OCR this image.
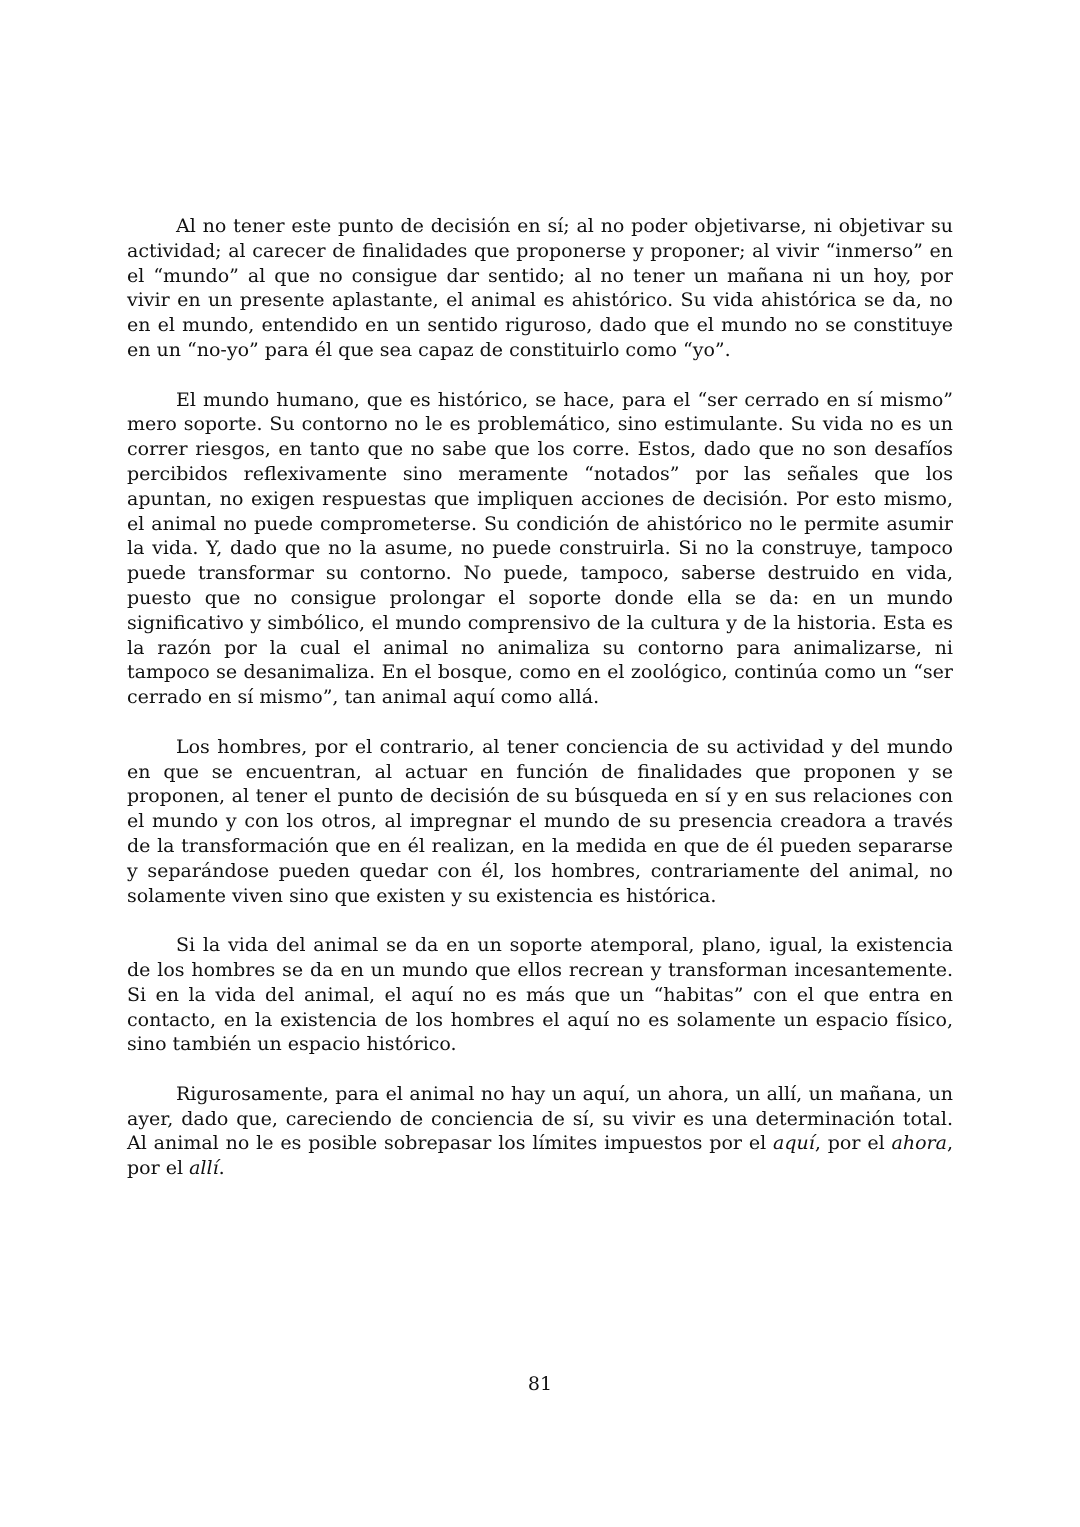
Al no tener este punto de decisión en sí; al no poder objetivarse, ni objetivar su actividad; al carecer de finalidades que proponerse y proponer; al vivir “inmerso” en el “mundo” al que no consigue dar sentido; al no tener un mañana ni un hoy, por vivir en un presente aplastante, el animal es ahistórico. Su vida ahistórica se da, no en el mundo, entendido en un sentido riguroso, dado que el mundo no se constituye en un “no-yo” para él que sea capaz de constituirlo como “yo”.

El mundo humano, que es histórico, se hace, para el “ser cerrado en sí mismo” mero soporte. Su contorno no le es problemático, sino estimulante. Su vida no es un correr riesgos, en tanto que no sabe que los corre. Estos, dado que no son desafíos percibidos reflexivamente sino meramente “notados” por las señales que los apuntan, no exigen respuestas que impliquen acciones de decisión. Por esto mismo, el animal no puede comprometerse. Su condición de ahistórico no le permite asumir la vida. Y, dado que no la asume, no puede construirla. Si no la construye, tampoco puede transformar su contorno. No puede, tampoco, saberse destruido en vida, puesto que no consigue prolongar el soporte donde ella se da: en un mundo significativo y simbólico, el mundo comprensivo de la cultura y de la historia. Esta es la razón por la cual el animal no animaliza su contorno para animalizarse, ni tampoco se desanimaliza. En el bosque, como en el zoológico, continúa como un “ser cerrado en sí mismo”, tan animal aquí como allá.

Los hombres, por el contrario, al tener conciencia de su actividad y del mundo en que se encuentran, al actuar en función de finalidades que proponen y se proponen, al tener el punto de decisión de su búsqueda en sí y en sus relaciones con el mundo y con los otros, al impregnar el mundo de su presencia creadora a través de la transformación que en él realizan, en la medida en que de él pueden separarse y separándose pueden quedar con él, los hombres, contrariamente del animal, no solamente viven sino que existen y su existencia es histórica.

Si la vida del animal se da en un soporte atemporal, plano, igual, la existencia de los hombres se da en un mundo que ellos recrean y transforman incesantemente. Si en la vida del animal, el aquí no es más que un “habitas” con el que entra en contacto, en la existencia de los hombres el aquí no es solamente un espacio físico, sino también un espacio histórico.

Rigurosamente, para el animal no hay un aquí, un ahora, un allí, un mañana, un ayer, dado que, careciendo de conciencia de sí, su vivir es una determinación total. Al animal no le es posible sobrepasar los límites impuestos por el aquí, por el ahora, por el allí.

81
